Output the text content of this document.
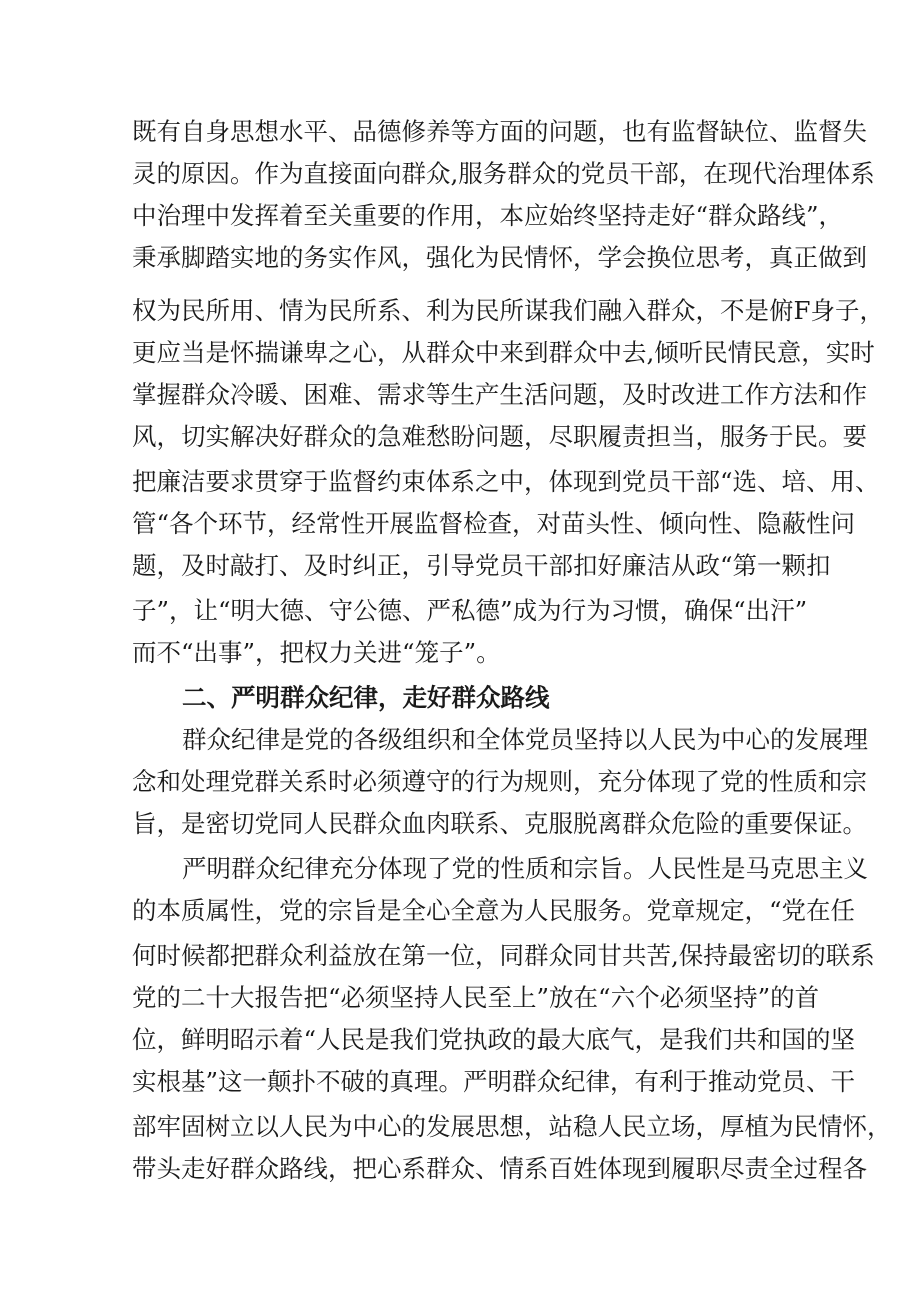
既有自身思想水平、品德修养等方面的问题，也有监督缺位、监督失
灵的原因。作为直接面向群众,服务群众的党员干部，在现代治理体系
中治理中发挥着至关重要的作用，本应始终坚持走好“群众路线”，
秉承脚踏实地的务实作风，强化为民情怀，学会换位思考，真正做到
权为民所用、情为民所系、利为民所谋我们融入群众，不是俯F身子，
更应当是怀揣谦卑之心，从群众中来到群众中去,倾听民情民意，实时
掌握群众冷暖、困难、需求等生产生活问题，及时改进工作方法和作
风，切实解决好群众的急难愁盼问题，尽职履责担当，服务于民。要
把廉洁要求贯穿于监督约束体系之中，体现到党员干部“选、培、用、
管“各个环节，经常性开展监督检查，对苗头性、倾向性、隐蔽性问
题，及时敲打、及时纠正，引导党员干部扣好廉洁从政“第一颗扣
子”，让“明大德、守公德、严私德”成为行为习惯，确保“出汗”
而不“出事”，把权力关进“笼子”。
二、严明群众纪律，走好群众路线
群众纪律是党的各级组织和全体党员坚持以人民为中心的发展理
念和处理党群关系时必须遵守的行为规则，充分体现了党的性质和宗
旨，是密切党同人民群众血肉联系、克服脱离群众危险的重要保证。
严明群众纪律充分体现了党的性质和宗旨。人民性是马克思主义
的本质属性，党的宗旨是全心全意为人民服务。党章规定，“党在任
何时候都把群众利益放在第一位，同群众同甘共苦,保持最密切的联系
党的二十大报告把“必须坚持人民至上”放在“六个必须坚持”的首
位，鲜明昭示着“人民是我们党执政的最大底气，是我们共和国的坚
实根基”这一颠扑不破的真理。严明群众纪律，有利于推动党员、干
部牢固树立以人民为中心的发展思想，站稳人民立场，厚植为民情怀，
带头走好群众路线，把心系群众、情系百姓体现到履职尽责全过程各
